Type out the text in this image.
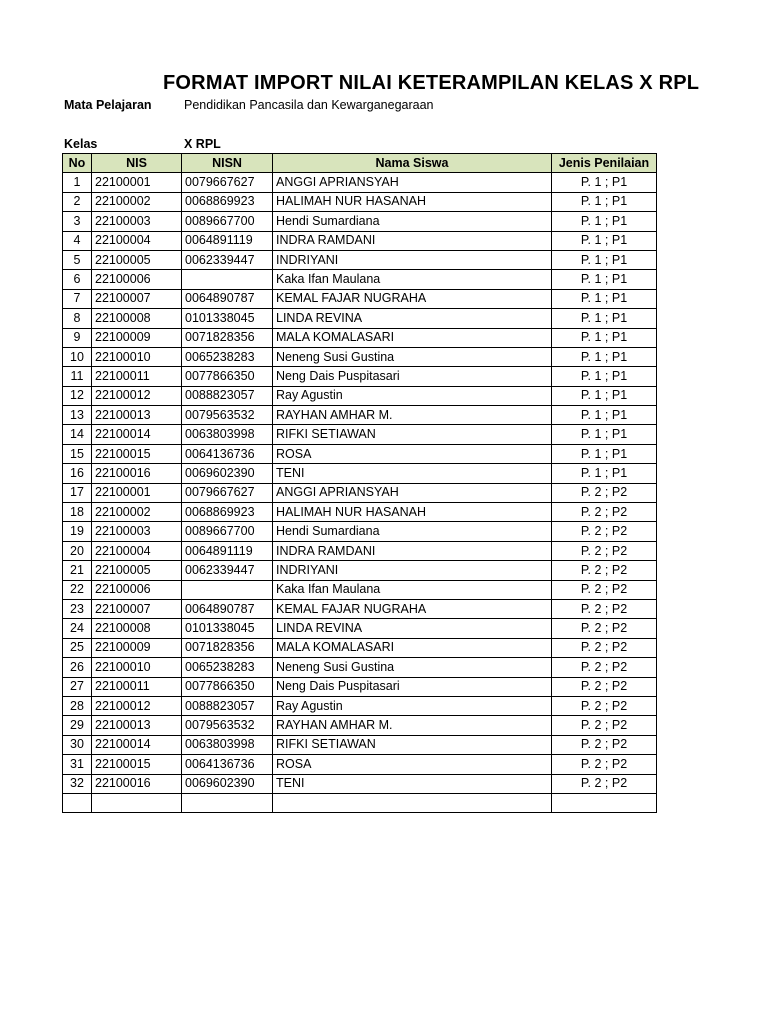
FORMAT IMPORT NILAI KETERAMPILAN KELAS X RPL
Mata Pelajaran	Pendidikan Pancasila dan Kewarganegaraan
Kelas	X RPL
No	NIS	NISN	Nama Siswa	Jenis Penilaian
1	22100001	0079667627	ANGGI APRIANSYAH	P. 1 ; P1
2	22100002	0068869923	HALIMAH NUR HASANAH	P. 1 ; P1
3	22100003	0089667700	Hendi Sumardiana	P. 1 ; P1
4	22100004	0064891119	INDRA RAMDANI	P. 1 ; P1
5	22100005	0062339447	INDRIYANI	P. 1 ; P1
6	22100006		Kaka Ifan Maulana	P. 1 ; P1
7	22100007	0064890787	KEMAL FAJAR NUGRAHA	P. 1 ; P1
8	22100008	0101338045	LINDA REVINA	P. 1 ; P1
9	22100009	0071828356	MALA KOMALASARI	P. 1 ; P1
10	22100010	0065238283	Neneng Susi Gustina	P. 1 ; P1
11	22100011	0077866350	Neng Dais Puspitasari	P. 1 ; P1
12	22100012	0088823057	Ray Agustin	P. 1 ; P1
13	22100013	0079563532	RAYHAN AMHAR M.	P. 1 ; P1
14	22100014	0063803998	RIFKI SETIAWAN	P. 1 ; P1
15	22100015	0064136736	ROSA	P. 1 ; P1
16	22100016	0069602390	TENI	P. 1 ; P1
17	22100001	0079667627	ANGGI APRIANSYAH	P. 2 ; P2
18	22100002	0068869923	HALIMAH NUR HASANAH	P. 2 ; P2
19	22100003	0089667700	Hendi Sumardiana	P. 2 ; P2
20	22100004	0064891119	INDRA RAMDANI	P. 2 ; P2
21	22100005	0062339447	INDRIYANI	P. 2 ; P2
22	22100006		Kaka Ifan Maulana	P. 2 ; P2
23	22100007	0064890787	KEMAL FAJAR NUGRAHA	P. 2 ; P2
24	22100008	0101338045	LINDA REVINA	P. 2 ; P2
25	22100009	0071828356	MALA KOMALASARI	P. 2 ; P2
26	22100010	0065238283	Neneng Susi Gustina	P. 2 ; P2
27	22100011	0077866350	Neng Dais Puspitasari	P. 2 ; P2
28	22100012	0088823057	Ray Agustin	P. 2 ; P2
29	22100013	0079563532	RAYHAN AMHAR M.	P. 2 ; P2
30	22100014	0063803998	RIFKI SETIAWAN	P. 2 ; P2
31	22100015	0064136736	ROSA	P. 2 ; P2
32	22100016	0069602390	TENI	P. 2 ; P2
